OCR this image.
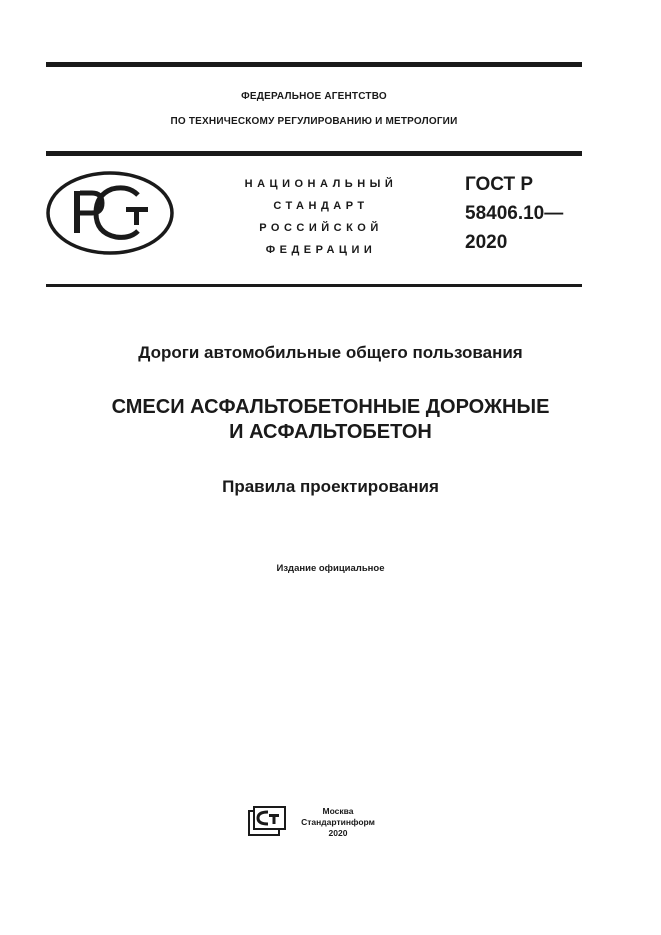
ФЕДЕРАЛЬНОЕ АГЕНТСТВО
ПО ТЕХНИЧЕСКОМУ РЕГУЛИРОВАНИЮ И МЕТРОЛОГИИ
НАЦИОНАЛЬНЫЙ
СТАНДАРТ
РОССИЙСКОЙ
ФЕДЕРАЦИИ
ГОСТ Р
58406.10—
2020
Дороги автомобильные общего пользования
СМЕСИ АСФАЛЬТОБЕТОННЫЕ ДОРОЖНЫЕ
И АСФАЛЬТОБЕТОН
Правила проектирования
Издание официальное
Москва
Стандартинформ
2020
